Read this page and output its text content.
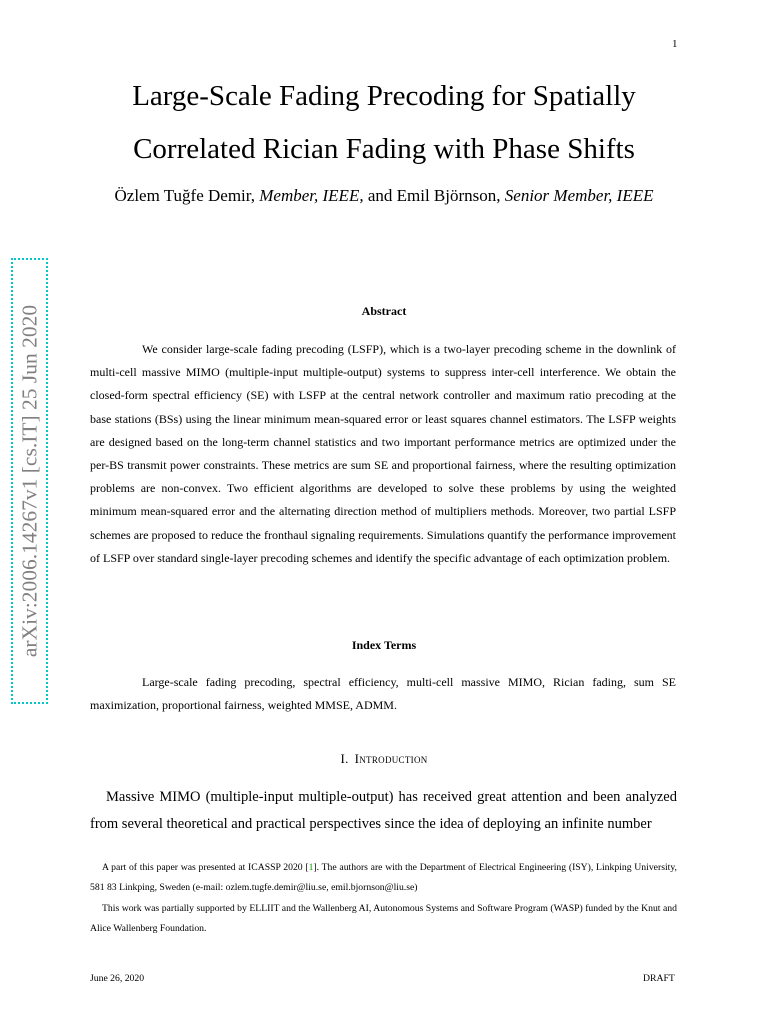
1
Large-Scale Fading Precoding for Spatially
Correlated Rician Fading with Phase Shifts
Özlem Tuğfe Demir, Member, IEEE, and Emil Björnson, Senior Member, IEEE
arXiv:2006.14267v1 [cs.IT] 25 Jun 2020	Abstract
We consider large-scale fading precoding (LSFP), which is a two-layer precoding scheme in the downlink of multi-cell massive MIMO (multiple-input multiple-output) systems to suppress inter-cell interference. We obtain the closed-form spectral efficiency (SE) with LSFP at the central network controller and maximum ratio precoding at the base stations (BSs) using the linear minimum mean-squared error or least squares channel estimators. The LSFP weights are designed based on the long-term channel statistics and two important performance metrics are optimized under the per-BS transmit power constraints. These metrics are sum SE and proportional fairness, where the resulting optimization problems are non-convex. Two efficient algorithms are developed to solve these problems by using the weighted minimum mean-squared error and the alternating direction method of multipliers methods. Moreover, two partial LSFP schemes are proposed to reduce the fronthaul signaling requirements. Simulations quantify the performance improvement of LSFP over standard single-layer precoding schemes and identify the specific advantage of each optimization problem.
Index Terms
Large-scale fading precoding, spectral efficiency, multi-cell massive MIMO, Rician fading, sum SE maximization, proportional fairness, weighted MMSE, ADMM.
I. Introduction
Massive MIMO (multiple-input multiple-output) has received great attention and been analyzed from several theoretical and practical perspectives since the idea of deploying an infinite number
A part of this paper was presented at ICASSP 2020 [1]. The authors are with the Department of Electrical Engineering (ISY), Linkping University, 581 83 Linkping, Sweden (e-mail: ozlem.tugfe.demir@liu.se, emil.bjornson@liu.se)
This work was partially supported by ELLIIT and the Wallenberg AI, Autonomous Systems and Software Program (WASP) funded by the Knut and Alice Wallenberg Foundation.
June 26, 2020	DRAFT
